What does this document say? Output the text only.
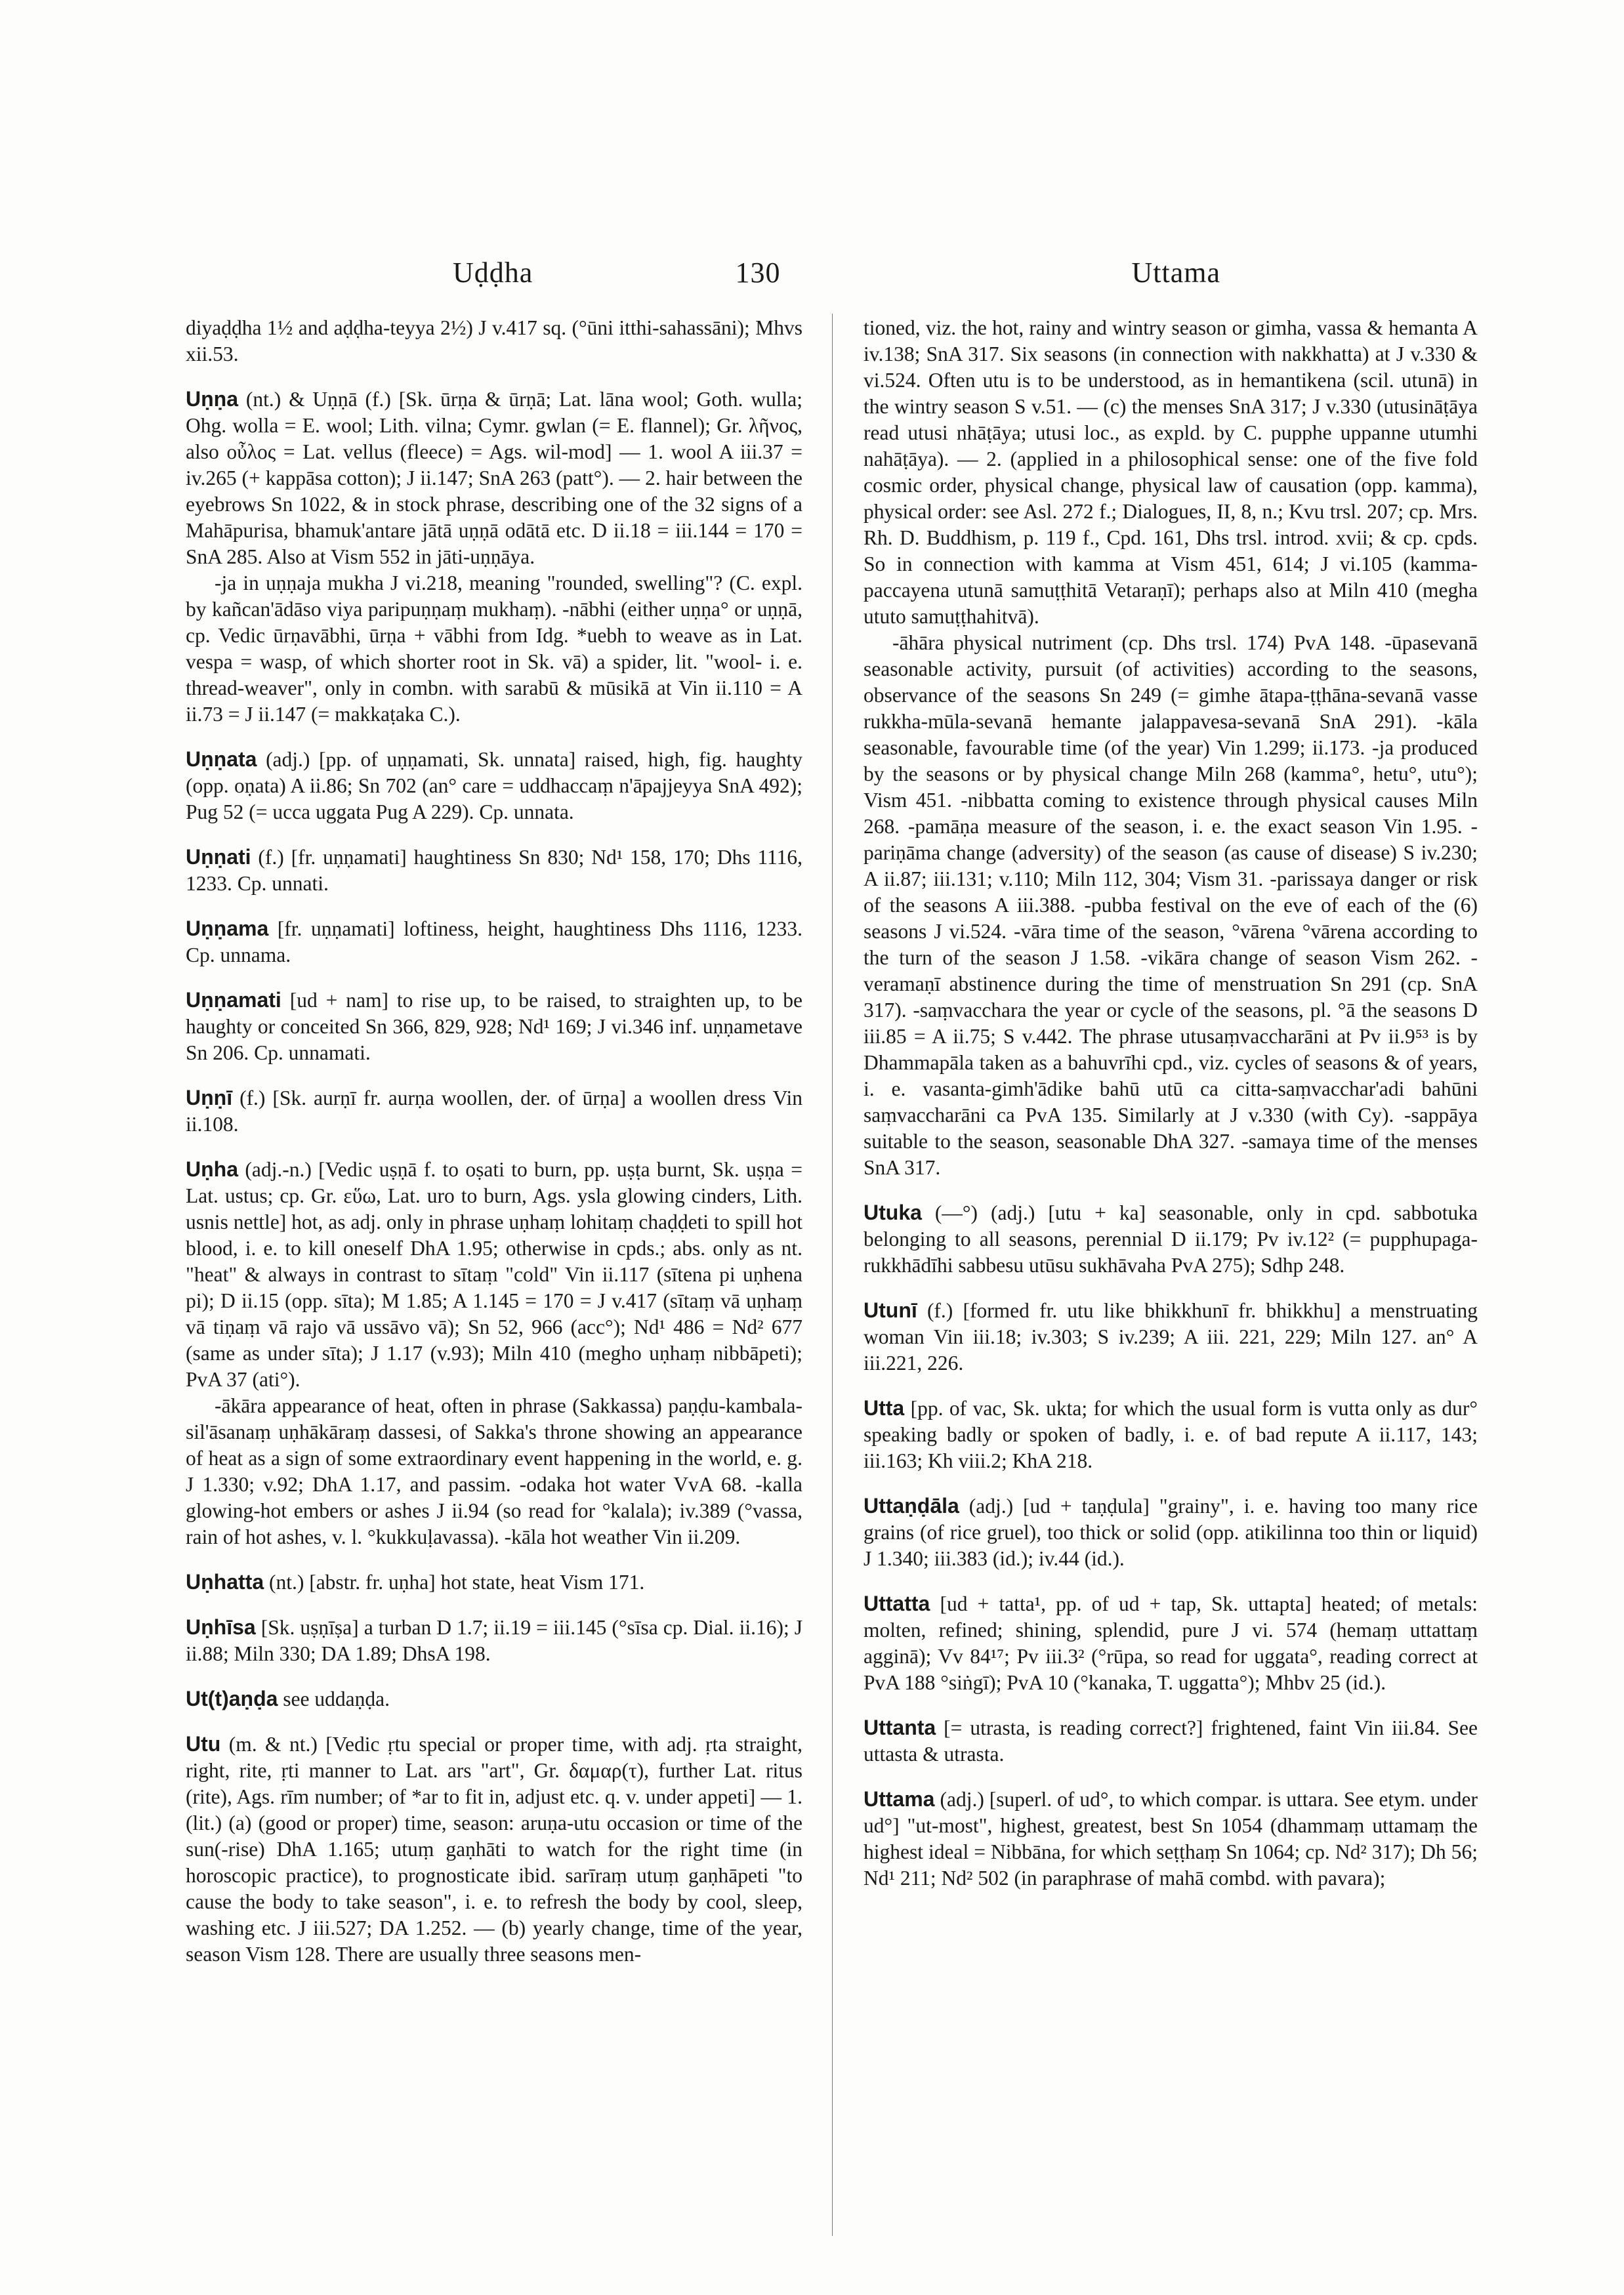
Uḍḍha	130	Uttama
diyaḍḍha 1½ and aḍḍha-teyya 2½) J v.417 sq. (°ūni itthi-sahassāni); Mhvs xii.53.
Uṇṇa (nt.) & Uṇṇā (f.) [Sk. ūrṇa & ūrṇā; Lat. lāna wool; Goth. wulla; Ohg. wolla = E. wool; Lith. vilna; Cymr. gwlan (= E. flannel); Gr. λῆνος, also οὖλος = Lat. vellus (fleece) = Ags. wil-mod] — 1. wool A iii.37 = iv.265 (+ kappāsa cotton); J ii.147; SnA 263 (patt°). — 2. hair between the eyebrows Sn 1022, & in stock phrase, describing one of the 32 signs of a Mahāpurisa, bhamuk'antare jātā uṇṇā odātā etc. D ii.18 = iii.144 = 170 = SnA 285. Also at Vism 552 in jāti-uṇṇāya.
-ja in uṇṇaja mukha J vi.218, meaning "rounded, swelling"? (C. expl. by kañcan'ādāso viya paripuṇṇaṃ mukhaṃ). -nābhi (either uṇṇa° or uṇṇā, cp. Vedic ūrṇavābhi, ūrṇa + vābhi from Idg. *uebh to weave as in Lat. vespa = wasp, of which shorter root in Sk. vā) a spider, lit. "wool- i. e. thread-weaver", only in combn. with sarabū & mūsikā at Vin ii.110 = A ii.73 = J ii.147 (= makkaṭaka C.).
Uṇṇata (adj.) [pp. of uṇṇamati, Sk. unnata] raised, high, fig. haughty (opp. oṇata) A ii.86; Sn 702 (an° care = uddhaccaṃ n'āpajjeyya SnA 492); Pug 52 (= ucca uggata Pug A 229). Cp. unnata.
Uṇṇati (f.) [fr. uṇṇamati] haughtiness Sn 830; Nd¹ 158, 170; Dhs 1116, 1233. Cp. unnati.
Uṇṇama [fr. uṇṇamati] loftiness, height, haughtiness Dhs 1116, 1233. Cp. unnama.
Uṇṇamati [ud + nam] to rise up, to be raised, to straighten up, to be haughty or conceited Sn 366, 829, 928; Nd¹ 169; J vi.346 inf. uṇṇametave Sn 206. Cp. unnamati.
Uṇṇī (f.) [Sk. aurṇī fr. aurṇa woollen, der. of ūrṇa] a woollen dress Vin ii.108.
Uṇha (adj.-n.) [Vedic uṣṇā f. to oṣati to burn, pp. uṣṭa burnt, Sk. uṣṇa = Lat. ustus; cp. Gr. εὕω, Lat. uro to burn, Ags. ysla glowing cinders, Lith. usnis nettle] hot, as adj. only in phrase uṇhaṃ lohitaṃ chaḍḍeti to spill hot blood, i. e. to kill oneself DhA 1.95; otherwise in cpds.; abs. only as nt. "heat" & always in contrast to sītaṃ "cold" Vin ii.117 (sītena pi uṇhena pi); D ii.15 (opp. sīta); M 1.85; A 1.145 = 170 = J v.417 (sītaṃ vā uṇhaṃ vā tiṇaṃ vā rajo vā ussāvo vā); Sn 52, 966 (acc°); Nd¹ 486 = Nd² 677 (same as under sīta); J 1.17 (v.93); Miln 410 (megho uṇhaṃ nibbāpeti); PvA 37 (ati°).
-ākāra appearance of heat, often in phrase (Sakkassa) paṇḍu-kambala-sil'āsanaṃ uṇhākāraṃ dassesi, of Sakka's throne showing an appearance of heat as a sign of some extraordinary event happening in the world, e. g. J 1.330; v.92; DhA 1.17, and passim. -odaka hot water VvA 68. -kalla glowing-hot embers or ashes J ii.94 (so read for °kalala); iv.389 (°vassa, rain of hot ashes, v. l. °kukkuḷavassa). -kāla hot weather Vin ii.209.
Uṇhatta (nt.) [abstr. fr. uṇha] hot state, heat Vism 171.
Uṇhīsa [Sk. uṣṇīṣa] a turban D 1.7; ii.19 = iii.145 (°sīsa cp. Dial. ii.16); J ii.88; Miln 330; DA 1.89; DhsA 198.
Ut(t)aṇḍa see uddaṇḍa.
Utu (m. & nt.) [Vedic ṛtu special or proper time, with adj. ṛta straight, right, rite, ṛti manner to Lat. ars "art", Gr. δαμαρ(τ), further Lat. ritus (rite), Ags. rīm number; of *ar to fit in, adjust etc. q. v. under appeti] — 1. (lit.) (a) (good or proper) time, season: aruṇa-utu occasion or time of the sun(-rise) DhA 1.165; utuṃ gaṇhāti to watch for the right time (in horoscopic practice), to prognosticate ibid. sarīraṃ utuṃ gaṇhāpeti "to cause the body to take season", i. e. to refresh the body by cool, sleep, washing etc. J iii.527; DA 1.252. — (b) yearly change, time of the year, season Vism 128. There are usually three seasons men-
tioned, viz. the hot, rainy and wintry season or gimha, vassa & hemanta A iv.138; SnA 317. Six seasons (in connection with nakkhatta) at J v.330 & vi.524. Often utu is to be understood, as in hemantikena (scil. utunā) in the wintry season S v.51. — (c) the menses SnA 317; J v.330 (utusināṭāya read utusi nhāṭāya; utusi loc., as expld. by C. pupphe uppanne utumhi nahāṭāya). — 2. (applied in a philosophical sense: one of the five fold cosmic order, physical change, physical law of causation (opp. kamma), physical order: see Asl. 272 f.; Dialogues, II, 8, n.; Kvu trsl. 207; cp. Mrs. Rh. D. Buddhism, p. 119 f., Cpd. 161, Dhs trsl. introd. xvii; & cp. cpds. So in connection with kamma at Vism 451, 614; J vi.105 (kamma-paccayena utunā samuṭṭhitā Vetaraṇī); perhaps also at Miln 410 (megha ututo samuṭṭhahitvā).
-āhāra physical nutriment (cp. Dhs trsl. 174) PvA 148. -ūpasevanā seasonable activity, pursuit (of activities) according to the seasons, observance of the seasons Sn 249 (= gimhe ātapa-ṭṭhāna-sevanā vasse rukkha-mūla-sevanā hemante jalappavesa-sevanā SnA 291). -kāla seasonable, favourable time (of the year) Vin 1.299; ii.173. -ja produced by the seasons or by physical change Miln 268 (kamma°, hetu°, utu°); Vism 451. -nibbatta coming to existence through physical causes Miln 268. -pamāṇa measure of the season, i. e. the exact season Vin 1.95. -pariṇāma change (adversity) of the season (as cause of disease) S iv.230; A ii.87; iii.131; v.110; Miln 112, 304; Vism 31. -parissaya danger or risk of the seasons A iii.388. -pubba festival on the eve of each of the (6) seasons J vi.524. -vāra time of the season, °vārena °vārena according to the turn of the season J 1.58. -vikāra change of season Vism 262. -veramaṇī abstinence during the time of menstruation Sn 291 (cp. SnA 317). -saṃvacchara the year or cycle of the seasons, pl. °ā the seasons D iii.85 = A ii.75; S v.442. The phrase utusaṃvaccharāni at Pv ii.9⁵³ is by Dhammapāla taken as a bahuvrīhi cpd., viz. cycles of seasons & of years, i. e. vasanta-gimh'ādike bahū utū ca citta-saṃvacchar'adi bahūni saṃvaccharāni ca PvA 135. Similarly at J v.330 (with Cy). -sappāya suitable to the season, seasonable DhA 327. -samaya time of the menses SnA 317.
Utuka (—°) (adj.) [utu + ka] seasonable, only in cpd. sabbotuka belonging to all seasons, perennial D ii.179; Pv iv.12² (= pupphupaga-rukkhādīhi sabbesu utūsu sukhāvaha PvA 275); Sdhp 248.
Utunī (f.) [formed fr. utu like bhikkhunī fr. bhikkhu] a menstruating woman Vin iii.18; iv.303; S iv.239; A iii. 221, 229; Miln 127. an° A iii.221, 226.
Utta [pp. of vac, Sk. ukta; for which the usual form is vutta only as dur° speaking badly or spoken of badly, i. e. of bad repute A ii.117, 143; iii.163; Kh viii.2; KhA 218.
Uttaṇḍāla (adj.) [ud + taṇḍula] "grainy", i. e. having too many rice grains (of rice gruel), too thick or solid (opp. atikilinna too thin or liquid) J 1.340; iii.383 (id.); iv.44 (id.).
Uttatta [ud + tatta¹, pp. of ud + tap, Sk. uttapta] heated; of metals: molten, refined; shining, splendid, pure J vi. 574 (hemaṃ uttattaṃ agginā); Vv 84¹⁷; Pv iii.3² (°rūpa, so read for uggata°, reading correct at PvA 188 °siṅgī); PvA 10 (°kanaka, T. uggatta°); Mhbv 25 (id.).
Uttanta [= utrasta, is reading correct?] frightened, faint Vin iii.84. See uttasta & utrasta.
Uttama (adj.) [superl. of ud°, to which compar. is uttara. See etym. under ud°] "ut-most", highest, greatest, best Sn 1054 (dhammaṃ uttamaṃ the highest ideal = Nibbāna, for which seṭṭhaṃ Sn 1064; cp. Nd² 317); Dh 56; Nd¹ 211; Nd² 502 (in paraphrase of mahā combd. with pavara);
